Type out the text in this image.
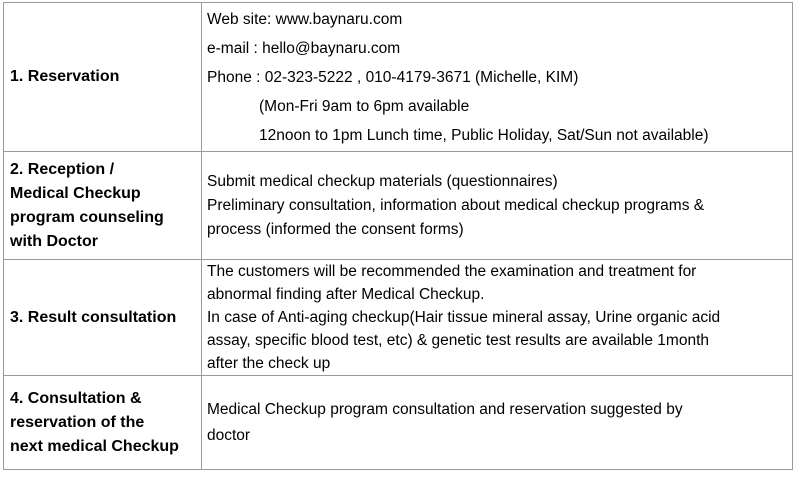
1. Reservation	Web site: www.baynaru.com
e-mail : hello@baynaru.com
Phone : 02-323-5222 , 010-4179-3671 (Michelle, KIM)
(Mon-Fri 9am to 6pm available
12noon to 1pm Lunch time, Public Holiday, Sat/Sun not available)

2. Reception /
Medical Checkup
program counseling
with Doctor	Submit medical checkup materials (questionnaires)
Preliminary consultation, information about medical checkup programs &
process (informed the consent forms)

3. Result consultation	The customers will be recommended the examination and treatment for
abnormal finding after Medical Checkup.
In case of Anti-aging checkup(Hair tissue mineral assay, Urine organic acid
assay, specific blood test, etc) & genetic test results are available 1month
after the check up

4. Consultation &
reservation of the
next medical Checkup	Medical Checkup program consultation and reservation suggested by
doctor
